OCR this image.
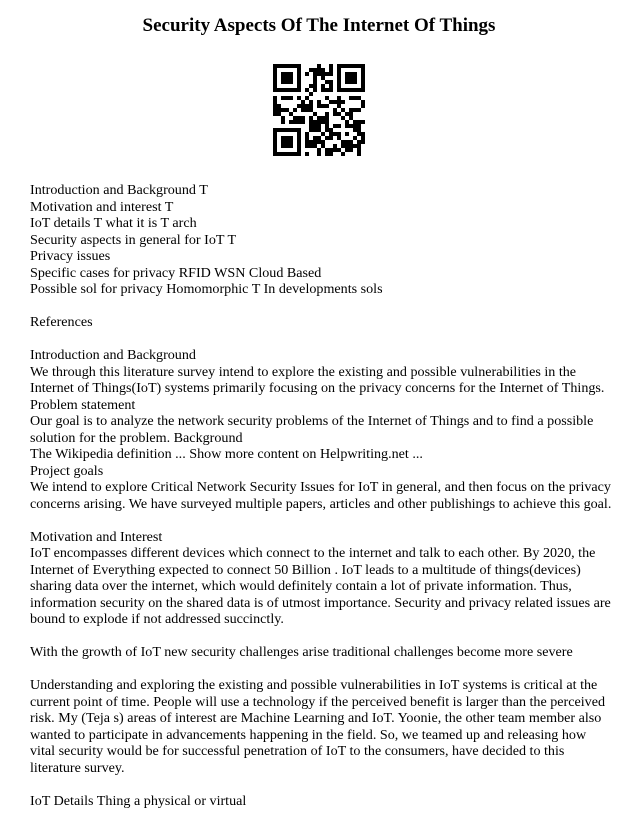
Security Aspects Of The Internet Of Things
Introduction and Background T
Motivation and interest T
IoT details T what it is T arch
Security aspects in general for IoT T
Privacy issues
Specific cases for privacy RFID WSN Cloud Based
Possible sol for privacy Homomorphic T In developments sols
References
Introduction and Background
We through this literature survey intend to explore the existing and possible vulnerabilities in the Internet of Things(IoT) systems primarily focusing on the privacy concerns for the Internet of Things.
Problem statement
Our goal is to analyze the network security problems of the Internet of Things and to find a possible solution for the problem. Background
The Wikipedia definition ... Show more content on Helpwriting.net ...
Project goals
We intend to explore Critical Network Security Issues for IoT in general, and then focus on the privacy concerns arising. We have surveyed multiple papers, articles and other publishings to achieve this goal.
Motivation and Interest
IoT encompasses different devices which connect to the internet and talk to each other. By 2020, the Internet of Everything expected to connect 50 Billion . IoT leads to a multitude of things(devices) sharing data over the internet, which would definitely contain a lot of private information. Thus, information security on the shared data is of utmost importance. Security and privacy related issues are bound to explode if not addressed succinctly.
With the growth of IoT new security challenges arise traditional challenges become more severe
Understanding and exploring the existing and possible vulnerabilities in IoT systems is critical at the current point of time. People will use a technology if the perceived benefit is larger than the perceived risk. My (Teja s) areas of interest are Machine Learning and IoT. Yoonie, the other team member also wanted to participate in advancements happening in the field. So, we teamed up and releasing how vital security would be for successful penetration of IoT to the consumers, have decided to this literature survey.
IoT Details Thing a physical or virtual
